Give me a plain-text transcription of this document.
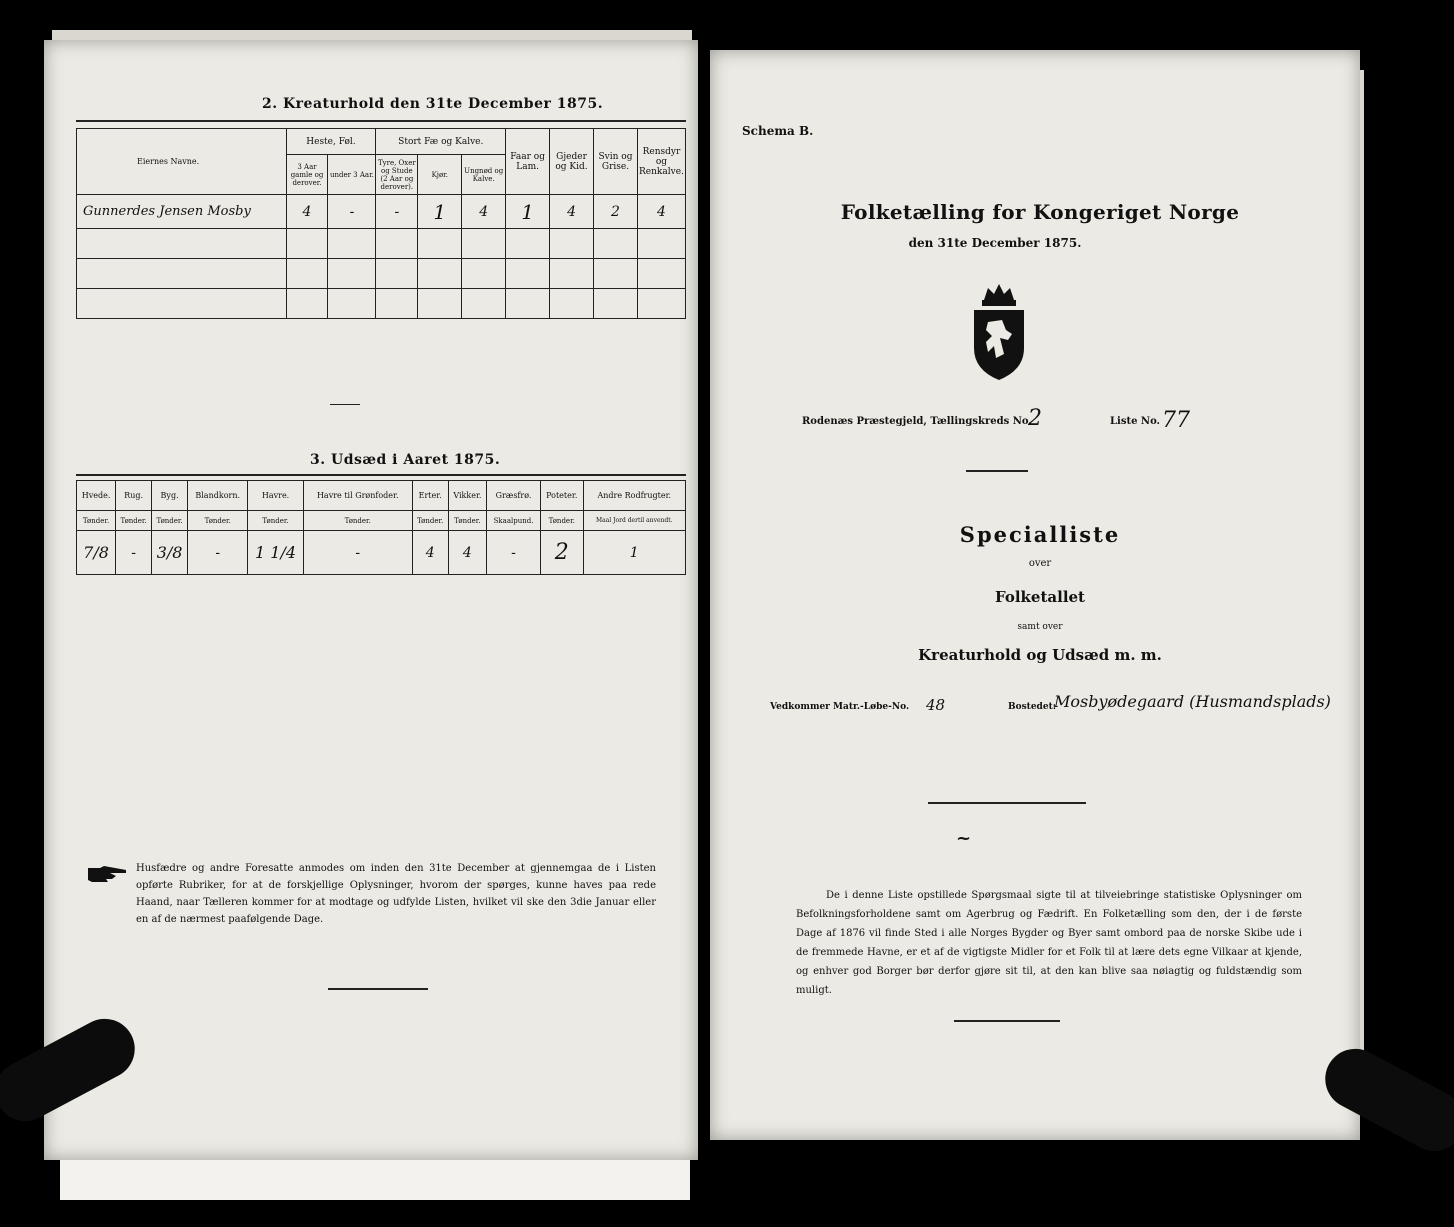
2. Kreaturhold den 31te December 1875.
Eiernes Navne.	Heste, Føl.		Stort Fæ og Kalve.			Faar og Lam.	Gjeder og Kid.	Svin og Grise.	Rensdyr og Renkalve.
	3 Aar gamle og derover.	under 3 Aar.	Tyre, Oxer og Stude (2 Aar og derover).	Kjør.	Ungnød og Kalve.				
Gunnerdes Jensen Mosby	4	-	-	1	4	1	4	2	4

3. Udsæd i Aaret 1875.
Hvede.	Rug.	Byg.	Blandkorn.	Havre.	Havre til Grønfoder.	Erter.	Vikker.	Græsfrø.	Poteter.	Andre Rodfrugter.
Tønder.	Tønder.	Tønder.	Tønder.	Tønder.	Tønder.	Tønder.	Tønder.	Skaalpund.	Tønder.	Maal Jord dertil anvendt.
7/8	-	3/8	-	1 1/4	-	4	4	-	2	1
Husfædre og andre Foresatte anmodes om inden den 31te December at gjennemgaa de i Listen opførte Rubriker, for at de forskjellige Oplysninger, hvorom der spørges, kunne haves paa rede Haand, naar Tælleren kommer for at modtage og udfylde Listen, hvilket vil ske den 3die Januar eller en af de nærmest paafølgende Dage.
Schema B.
Folketælling for Kongeriget Norge
den 31te December 1875.
Rodenæs Præstegjeld, Tællingskreds No.
2	Liste No. 77
Specialliste
over
Folketallet
samt over
Kreaturhold og Udsæd m. m.
Vedkommer Matr.-Løbe-No. 48	Bostedet:
Mosbyødegaard (Husmandsplads)
~
De i denne Liste opstillede Spørgsmaal sigte til at tilveiebringe statistiske Oplysninger om Befolkningsforholdene samt om Agerbrug og Fædrift. En Folketælling som den, der i de første Dage af 1876 vil finde Sted i alle Norges Bygder og Byer samt ombord paa de norske Skibe ude i de fremmede Havne, er et af de vigtigste Midler for et Folk til at lære dets egne Vilkaar at kjende, og enhver god Borger bør derfor gjøre sit til, at den kan blive saa nøiagtig og fuldstændig som muligt.
